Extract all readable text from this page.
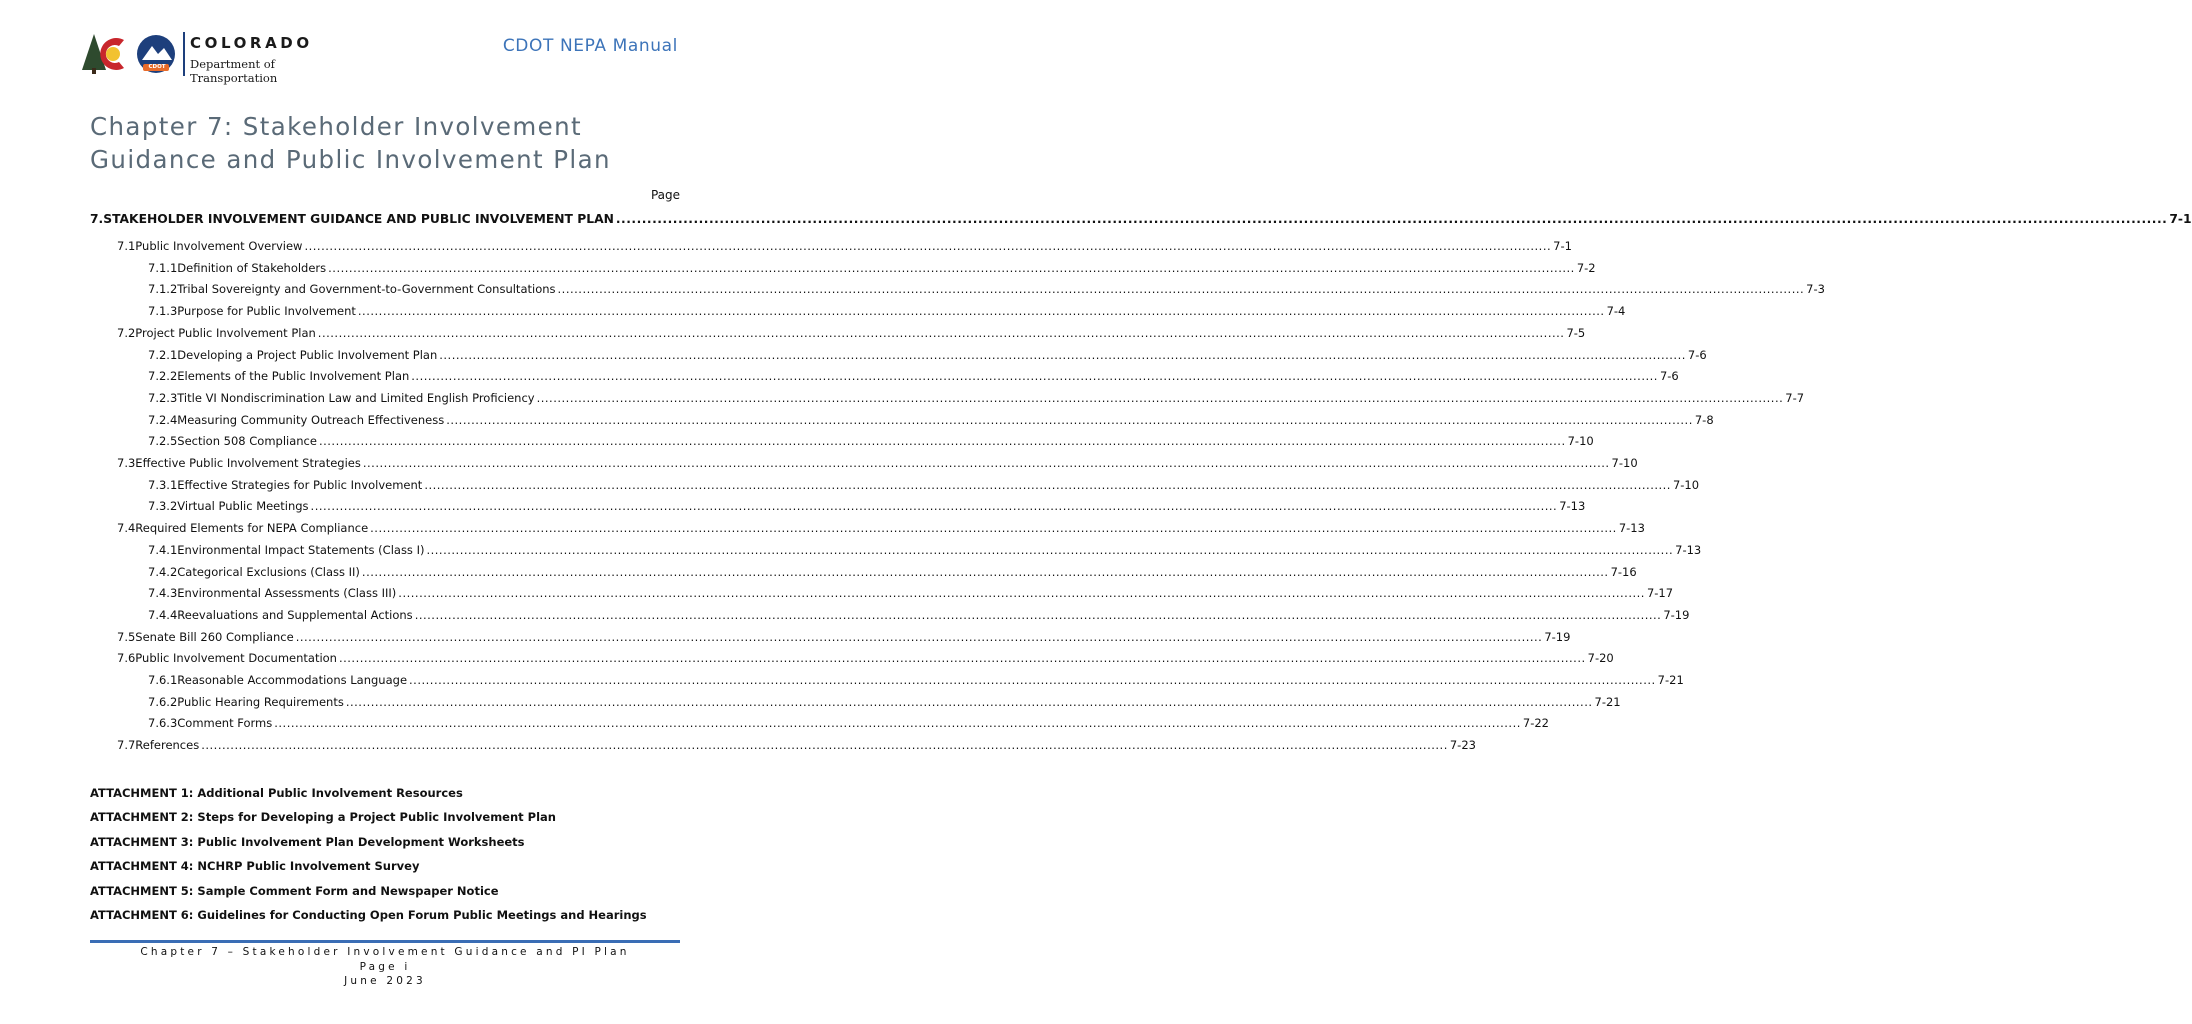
COLORADO
Department of Transportation
CDOT
CDOT NEPA Manual
Chapter 7: Stakeholder Involvement Guidance and Public Involvement Plan
Page
7. STAKEHOLDER INVOLVEMENT GUIDANCE AND PUBLIC INVOLVEMENT PLAN ............................................................................................................................................................................................................................................................................................................ 7-1
7.1 Public Involvement Overview ............................................................................................................................................................................................................................................................................................................ 7-1
7.1.1 Definition of Stakeholders ............................................................................................................................................................................................................................................................................................................ 7-2
7.1.2 Tribal Sovereignty and Government-to-Government Consultations ............................................................................................................................................................................................................................................................................................................ 7-3
7.1.3 Purpose for Public Involvement ............................................................................................................................................................................................................................................................................................................ 7-4
7.2 Project Public Involvement Plan ............................................................................................................................................................................................................................................................................................................ 7-5
7.2.1 Developing a Project Public Involvement Plan ............................................................................................................................................................................................................................................................................................................ 7-6
7.2.2 Elements of the Public Involvement Plan ............................................................................................................................................................................................................................................................................................................ 7-6
7.2.3 Title VI Nondiscrimination Law and Limited English Proficiency ............................................................................................................................................................................................................................................................................................................ 7-7
7.2.4 Measuring Community Outreach Effectiveness ............................................................................................................................................................................................................................................................................................................ 7-8
7.2.5 Section 508 Compliance ............................................................................................................................................................................................................................................................................................................ 7-10
7.3 Effective Public Involvement Strategies ............................................................................................................................................................................................................................................................................................................ 7-10
7.3.1 Effective Strategies for Public Involvement ............................................................................................................................................................................................................................................................................................................ 7-10
7.3.2 Virtual Public Meetings ............................................................................................................................................................................................................................................................................................................ 7-13
7.4 Required Elements for NEPA Compliance ............................................................................................................................................................................................................................................................................................................ 7-13
7.4.1 Environmental Impact Statements (Class I) ............................................................................................................................................................................................................................................................................................................ 7-13
7.4.2 Categorical Exclusions (Class II) ............................................................................................................................................................................................................................................................................................................ 7-16
7.4.3 Environmental Assessments (Class III) ............................................................................................................................................................................................................................................................................................................ 7-17
7.4.4 Reevaluations and Supplemental Actions ............................................................................................................................................................................................................................................................................................................ 7-19
7.5 Senate Bill 260 Compliance ............................................................................................................................................................................................................................................................................................................ 7-19
7.6 Public Involvement Documentation ............................................................................................................................................................................................................................................................................................................ 7-20
7.6.1 Reasonable Accommodations Language ............................................................................................................................................................................................................................................................................................................ 7-21
7.6.2 Public Hearing Requirements ............................................................................................................................................................................................................................................................................................................ 7-21
7.6.3 Comment Forms ............................................................................................................................................................................................................................................................................................................ 7-22
7.7 References ............................................................................................................................................................................................................................................................................................................ 7-23
ATTACHMENT 1: Additional Public Involvement Resources
ATTACHMENT 2: Steps for Developing a Project Public Involvement Plan
ATTACHMENT 3: Public Involvement Plan Development Worksheets
ATTACHMENT 4: NCHRP Public Involvement Survey
ATTACHMENT 5: Sample Comment Form and Newspaper Notice
ATTACHMENT 6: Guidelines for Conducting Open Forum Public Meetings and Hearings
Chapter 7 – Stakeholder Involvement Guidance and PI Plan
Page i
June 2023
